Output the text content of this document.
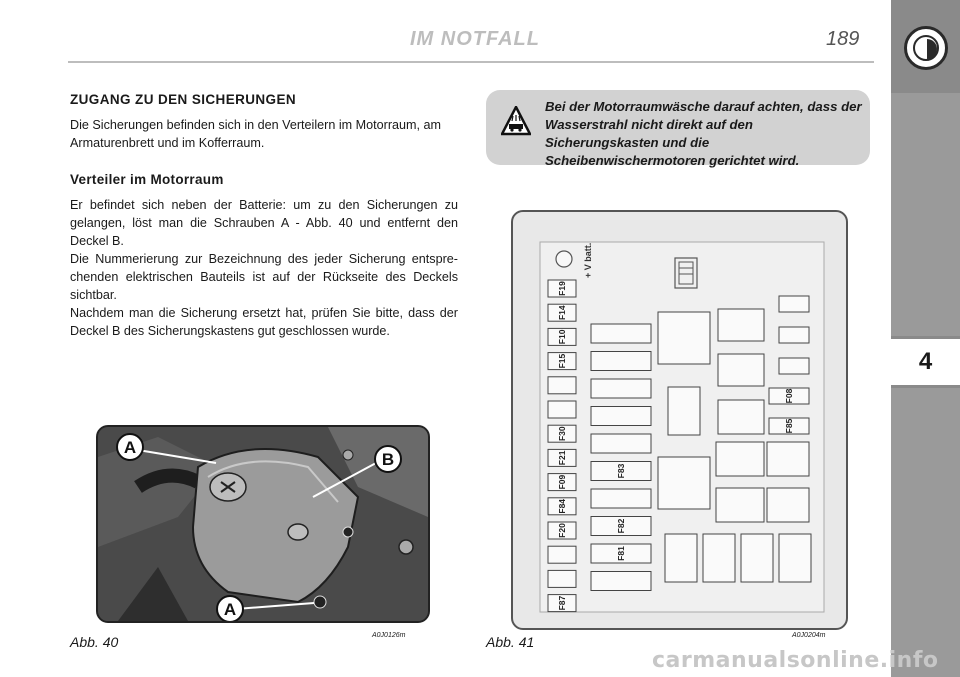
IM NOTFALL	189
4
ZUGANG ZU DEN SICHERUNGEN
Die Sicherungen befinden sich in den Verteilern im Motorraum, am Armaturenbrett und im Kofferraum.
Verteiler im Motorraum
Er befindet sich neben der Batterie: um zu den Sicherungen zu gelangen, löst man die Schrauben A - Abb. 40 und entfernt den Deckel B.
Die Nummerierung zur Bezeichnung des jeder Sicherung entspre-chenden elektrischen Bauteils ist auf der Rückseite des Deckels sichtbar.
Nachdem man die Sicherung ersetzt hat, prüfen Sie bitte, dass der Deckel B des Sicherungskastens gut geschlossen wurde.
Bei der Motorraumwäsche darauf achten, dass der Wasserstrahl nicht direkt auf den Sicherungskasten und die Scheibenwischermotoren gerichtet wird.
A
B
A
Abb. 40	A0J0126m
+ V batt.
F19
F14
F10
F15
F30
F21
F09
F84
F20
F87
F83
F82
F81
F08
F85
Abb. 41	A0J0204m
carmanualsonline.info
